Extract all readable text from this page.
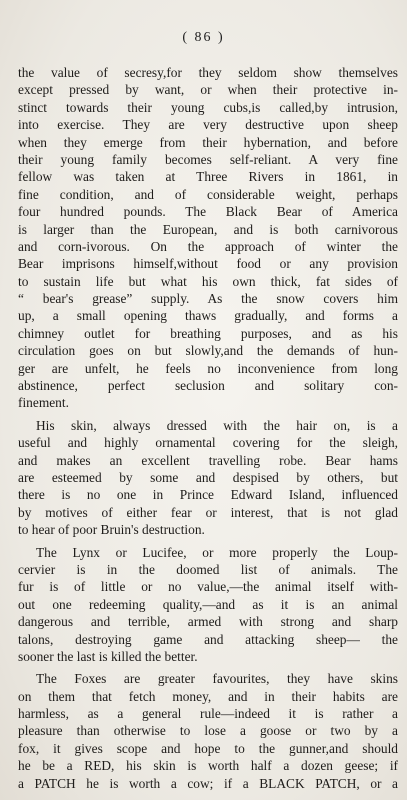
( 86 )
the value of secresy,for they seldom show themselves
except pressed by want, or when their protective in-
stinct towards their young cubs,is called,by intrusion,
into exercise. They are very destructive upon sheep
when they emerge from their hybernation, and before
their young family becomes self-reliant. A very fine
fellow was taken at Three Rivers in 1861, in
fine condition, and of considerable weight, perhaps
four hundred pounds. The Black Bear of America
is larger than the European, and is both carnivorous
and corn-ivorous. On the approach of winter the
Bear imprisons himself,without food or any provision
to sustain life but what his own thick, fat sides of
“ bear's grease” supply. As the snow covers him
up, a small opening thaws gradually, and forms a
chimney outlet for breathing purposes, and as his
circulation goes on but slowly,and the demands of hun-
ger are unfelt, he feels no inconvenience from long
abstinence, perfect seclusion and solitary con-
finement.
His skin, always dressed with the hair on, is a
useful and highly ornamental covering for the sleigh,
and makes an excellent travelling robe. Bear hams
are esteemed by some and despised by others, but
there is no one in Prince Edward Island, influenced
by motives of either fear or interest, that is not glad
to hear of poor Bruin's destruction.
The Lynx or Lucifee, or more properly the Loup-
cervier is in the doomed list of animals. The
fur is of little or no value,—the animal itself with-
out one redeeming quality,—and as it is an animal
dangerous and terrible, armed with strong and sharp
talons, destroying game and attacking sheep— the
sooner the last is killed the better.
The Foxes are greater favourites, they have skins
on them that fetch money, and in their habits are
harmless, as a general rule—indeed it is rather a
pleasure than otherwise to lose a goose or two by a
fox, it gives scope and hope to the gunner,and should
he be a RED, his skin is worth half a dozen geese; if
a PATCH he is worth a cow; if a BLACK PATCH, or a
